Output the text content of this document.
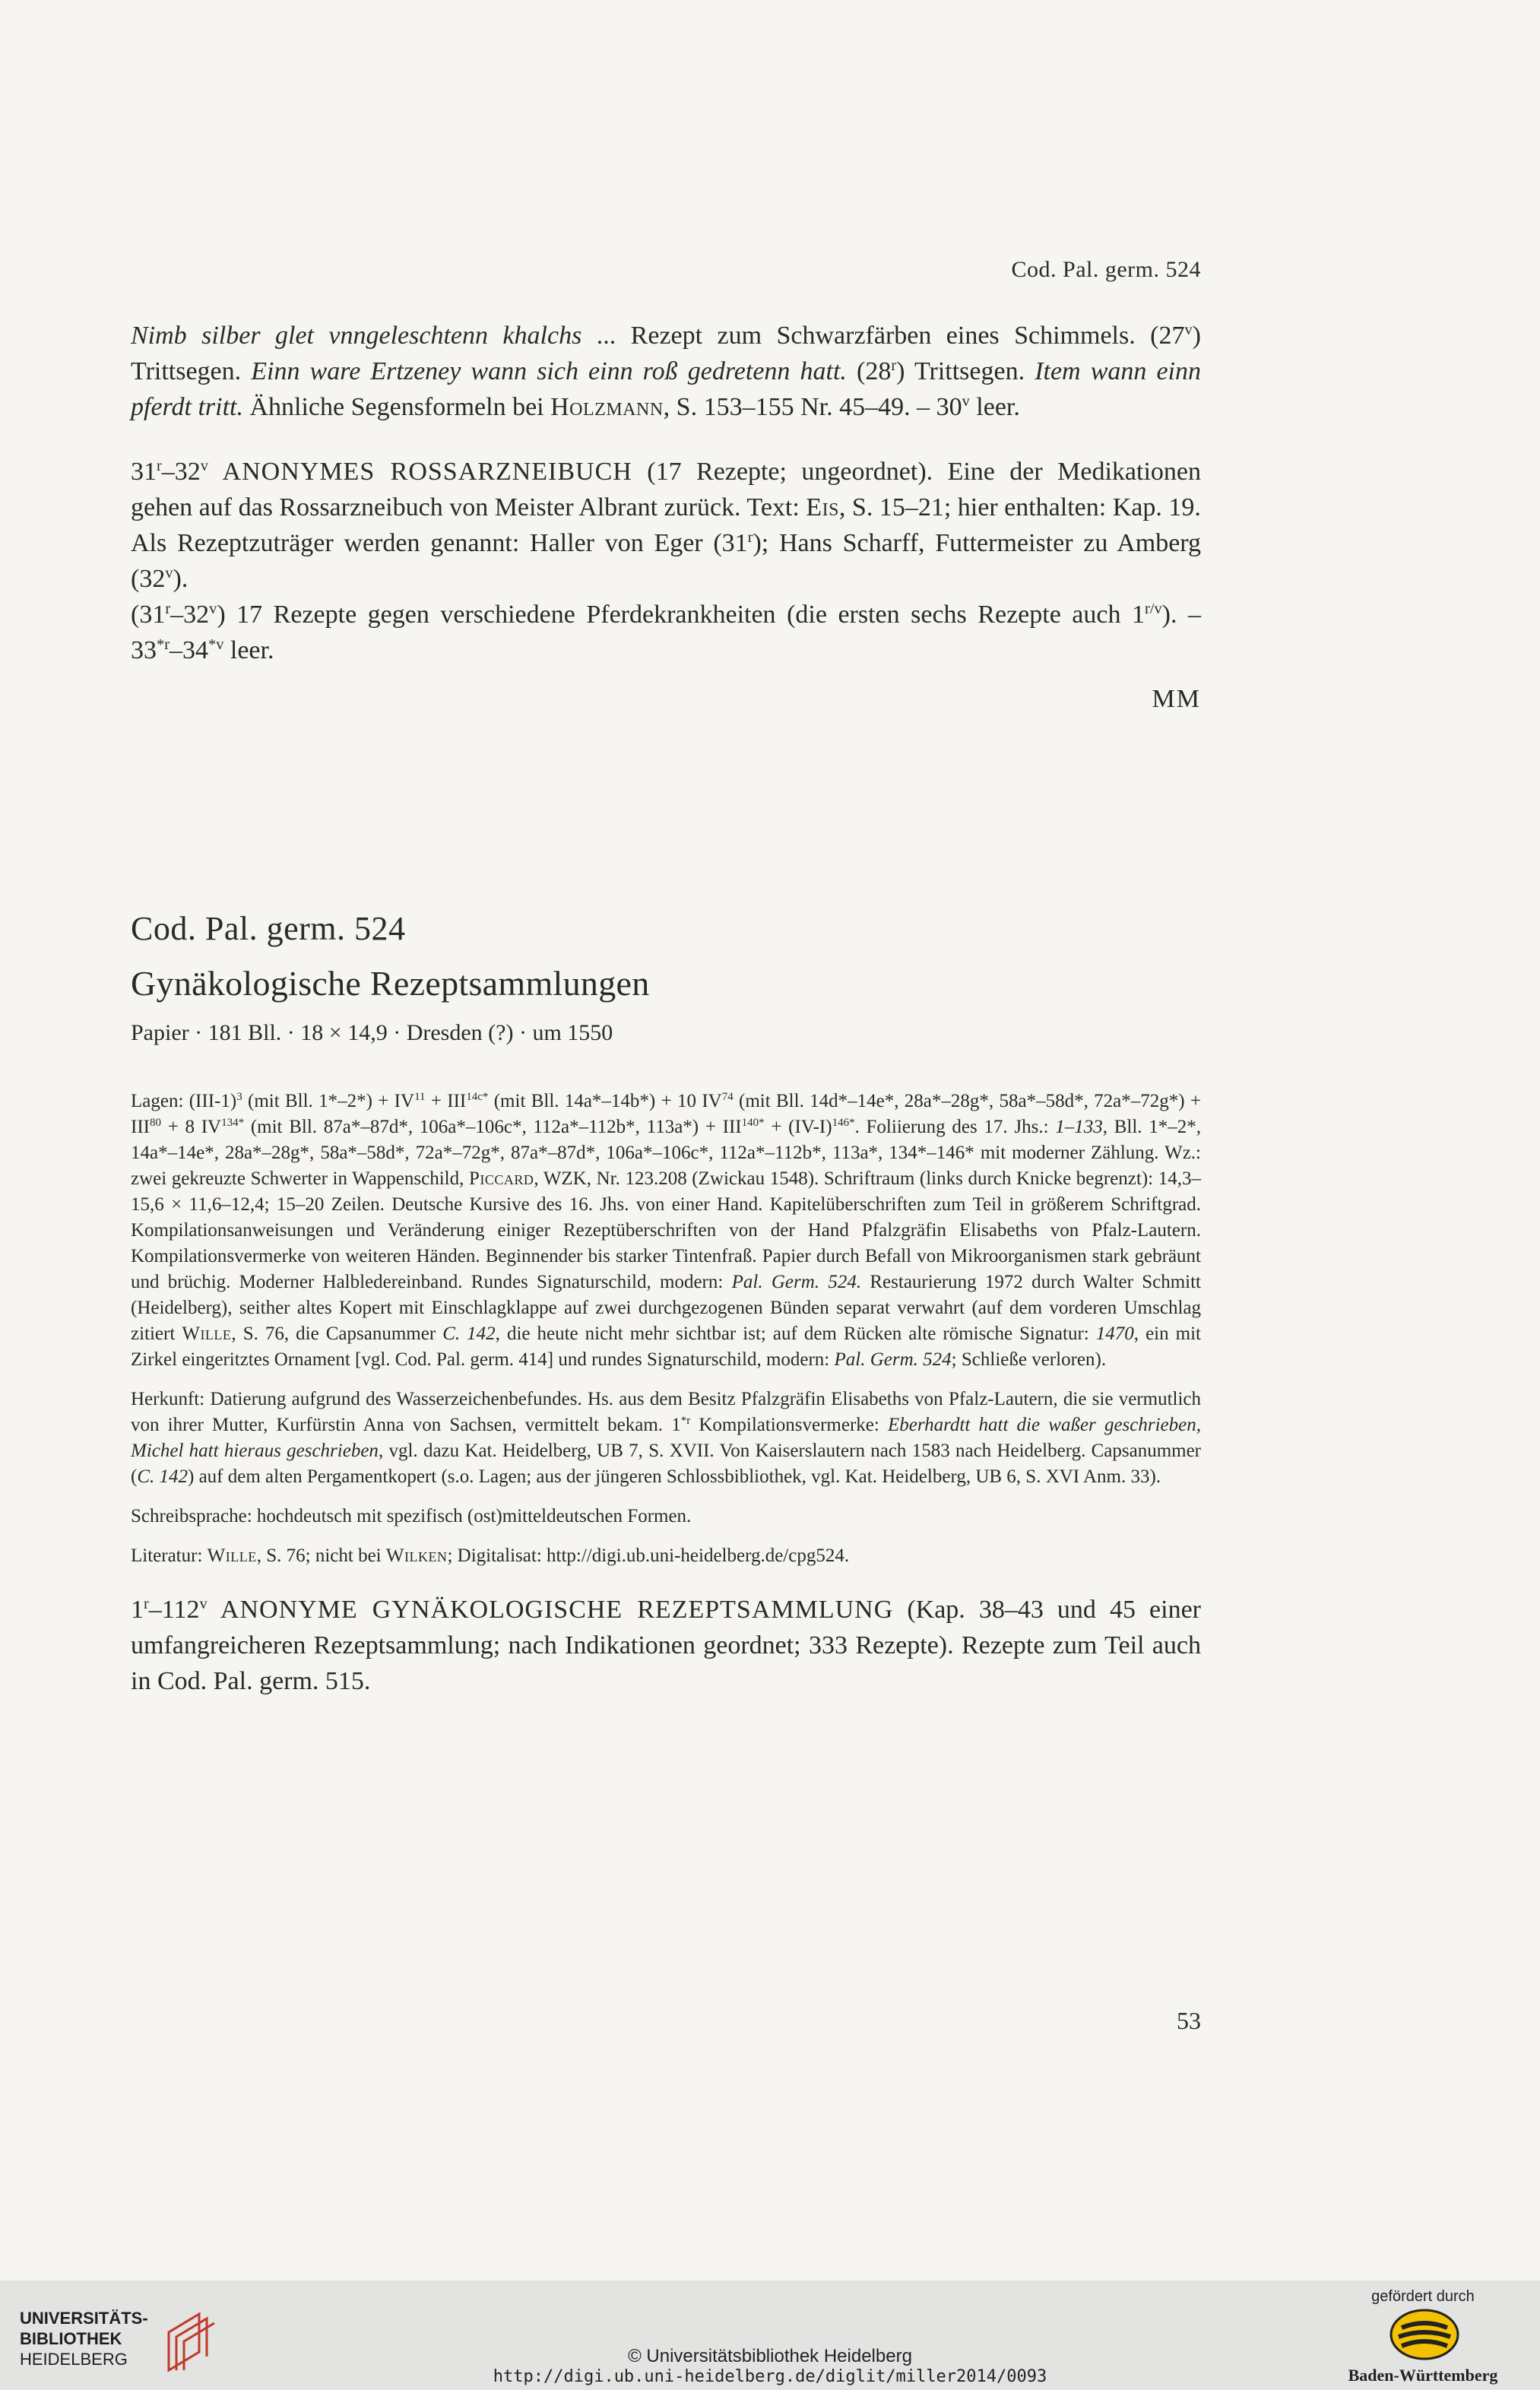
Cod. Pal. germ. 524

Nimb silber glet vnngeleschtenn khalchs ... Rezept zum Schwarzfärben eines Schimmels. (27$^v$) Trittsegen. Einn ware Ertzeney wann sich einn roß gedretenn hatt. (28$^r$) Trittsegen. Item wann einn pferdt tritt. Ähnliche Segensformeln bei Holzmann, S. 153–155 Nr. 45–49. – 30$^v$ leer.

31$^r$–32$^v$ ANONYMES ROSSARZNEIBUCH (17 Rezepte; ungeordnet). Eine der Medikationen gehen auf das Rossarzneibuch von Meister Albrant zurück. Text: Eis, S. 15–21; hier enthalten: Kap. 19.

Als Rezeptzuträger werden genannt: Haller von Eger (31$^r$); Hans Scharff, Futtermeister zu Amberg (32$^v$).

(31$^r$–32$^v$) 17 Rezepte gegen verschiedene Pferdekrankheiten (die ersten sechs Rezepte auch $1^{r/v}$). – 33$^{*r}$–34$^{*v}$ leer.

MM

Cod. Pal. germ. 524

Gynäkologische Rezeptsammlungen

Papier · 181 Bll. · 18 × 14,9 · Dresden (?) · um 1550

Lagen: $(III-1)^3$ (mit Bll. $1*-2*) + IV^{11} + III^{14c*}$ (mit Bll. 14a*–14b*) + 10 IV$^{74}$ (mit Bll. 14d*–14e*, 28a*–28g*, 58a*–58d*, $72a*-72g*) + III^{80} + 8$ $IV^{134*}$ (mit Bll. 87a*–87d*, 106a*–106c*, 112a*–112b*, $113a*) + III^{140*} + (IV-I)^{146*}$. Foliierung des 17. Jhs.: 1–133, Bll. 1*–2*, 14a*–14e*, 28a*–28g*, 58a*–58d*, 72a*–72g*, 87a*–87d*, 106a*–106c*, 112a*–112b*, 113a*, 134*–146* mit moderner Zählung. Wz.: zwei gekreuzte Schwerter in Wappenschild, Piccard, WZK, Nr. 123.208 (Zwickau 1548). Schriftraum (links durch Knicke begrenzt): 14,3–15,6 × 11,6–12,4; 15–20 Zeilen. Deutsche Kursive des 16. Jhs. von einer Hand. Kapitelüberschriften zum Teil in größerem Schriftgrad. Kompilationsanweisungen und Veränderung einiger Rezeptüberschriften von der Hand Pfalzgräfin Elisabeths von Pfalz-Lautern. Kompilationsvermerke von weiteren Händen. Beginnender bis starker Tintenfraß. Papier durch Befall von Mikroorganismen stark gebräunt und brüchig. Moderner Halbledereinband. Rundes Signaturschild, modern: Pal. Germ. 524. Restaurierung 1972 durch Walter Schmitt (Heidelberg), seither altes Kopert mit Einschlagklappe auf zwei durchgezogenen Bünden separat verwahrt (auf dem vorderen Umschlag zitiert Wille, S. 76, die Capsanummer C. 142, die heute nicht mehr sichtbar ist; auf dem Rücken alte römische Signatur: 1470, ein mit Zirkel eingeritztes Ornament [vgl. Cod. Pal. germ. 414] und rundes Signaturschild, modern: Pal. Germ. 524; Schließe verloren).

Herkunft: Datierung aufgrund des Wasserzeichenbefundes. Hs. aus dem Besitz Pfalzgräfin Elisabeths von Pfalz-Lautern, die sie vermutlich von ihrer Mutter, Kurfürstin Anna von Sachsen, vermittelt bekam. 1$^{*r}$ Kompilationsvermerke: Eberhardtt hatt die waßer geschrieben, Michel hatt hieraus geschrieben, vgl. dazu Kat. Heidelberg, UB 7, S. XVII. Von Kaiserslautern nach 1583 nach Heidelberg. Capsanummer (C. 142) auf dem alten Pergamentkopert (s.o. Lagen; aus der jüngeren Schlossbibliothek, vgl. Kat. Heidelberg, UB 6, S. XVI Anm. 33).

Schreibsprache: hochdeutsch mit spezifisch (ost)mitteldeutschen Formen.

Literatur: Wille, S. 76; nicht bei Wilken; Digitalisat: http://digi.ub.uni-heidelberg.de/cpg524.

1$^r$–112$^v$ ANONYME GYNÄKOLOGISCHE REZEPTSAMMLUNG (Kap. 38–43 und 45 einer umfangreicheren Rezeptsammlung; nach Indikationen geordnet; 333 Rezepte). Rezepte zum Teil auch in Cod. Pal. germ. 515.

53
UNIVERSITÄTS-
BIBLIOTHEK
HEIDELBERG	© Universitätsbibliothek Heidelberg
http://digi.ub.uni-heidelberg.de/diglit/miller2014/0093
gefördert durch
Baden-Württemberg
